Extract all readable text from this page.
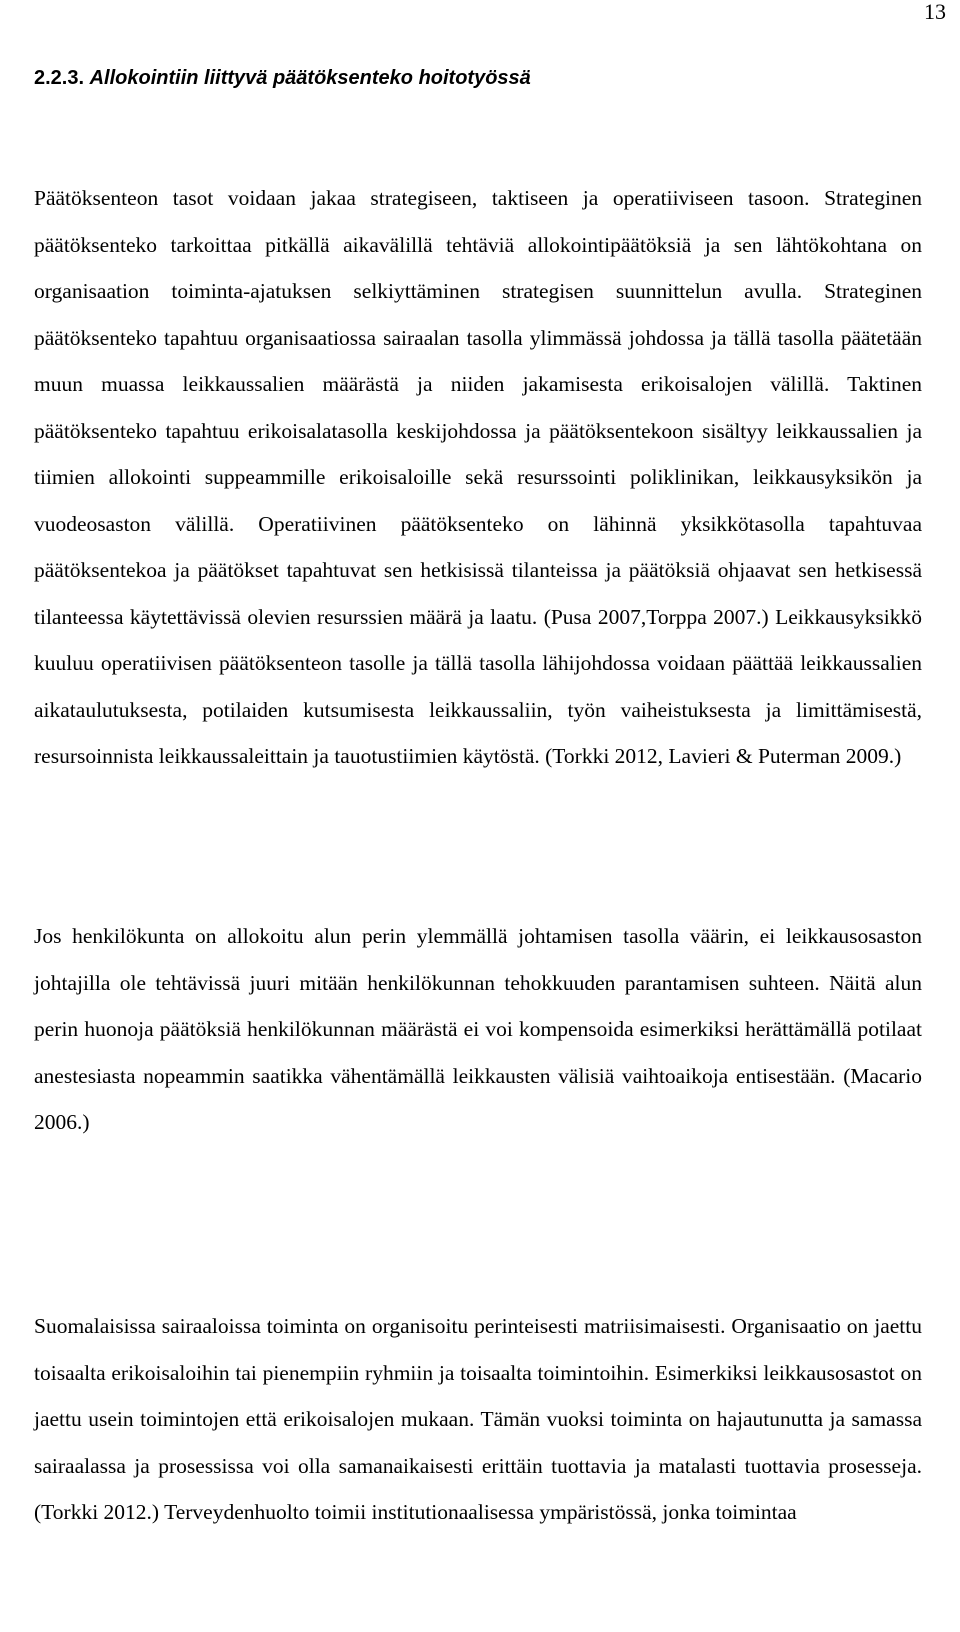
13
2.2.3. Allokointiin liittyvä päätöksenteko hoitotyössä

Päätöksenteon tasot voidaan jakaa strategiseen, taktiseen ja operatiiviseen tasoon. Strateginen päätöksenteko tarkoittaa pitkällä aikavälillä tehtäviä allokointipäätöksiä ja sen lähtökohtana on organisaation toiminta-ajatuksen selkiyttäminen strategisen suunnittelun avulla. Strateginen päätöksenteko tapahtuu organisaatiossa sairaalan tasolla ylimmässä johdossa ja tällä tasolla päätetään muun muassa leikkaussalien määrästä ja niiden jakamisesta erikoisalojen välillä. Taktinen päätöksenteko tapahtuu erikoisalatasolla keskijohdossa ja päätöksentekoon sisältyy leikkaussalien ja tiimien allokointi suppeammille erikoisaloille sekä resurssointi poliklinikan, leikkausyksikön ja vuodeosaston välillä. Operatiivinen päätöksenteko on lähinnä yksikkötasolla tapahtuvaa päätöksentekoa ja päätökset tapahtuvat sen hetkisissä tilanteissa ja päätöksiä ohjaavat sen hetkisessä tilanteessa käytettävissä olevien resurssien määrä ja laatu. (Pusa 2007,Torppa 2007.) Leikkausyksikkö kuuluu operatiivisen päätöksenteon tasolle ja tällä tasolla lähijohdossa voidaan päättää leikkaussalien aikataulutuksesta, potilaiden kutsumisesta leikkaussaliin, työn vaiheistuksesta ja limittämisestä, resursoinnista leikkaussaleittain ja tauotustiimien käytöstä. (Torkki 2012, Lavieri & Puterman 2009.)

Jos henkilökunta on allokoitu alun perin ylemmällä johtamisen tasolla väärin, ei leikkausosaston johtajilla ole tehtävissä juuri mitään henkilökunnan tehokkuuden parantamisen suhteen. Näitä alun perin huonoja päätöksiä henkilökunnan määrästä ei voi kompensoida esimerkiksi herättämällä potilaat anestesiasta nopeammin saatikka vähentämällä leikkausten välisiä vaihtoaikoja entisestään. (Macario 2006.)

Suomalaisissa sairaaloissa toiminta on organisoitu perinteisesti matriisimaisesti. Organisaatio on jaettu toisaalta erikoisaloihin tai pienempiin ryhmiin ja toisaalta toimintoihin. Esimerkiksi leikkausosastot on jaettu usein toimintojen että erikoisalojen mukaan. Tämän vuoksi toiminta on hajautunutta ja samassa sairaalassa ja prosessissa voi olla samanaikaisesti erittäin tuottavia ja matalasti tuottavia prosesseja. (Torkki 2012.) Terveydenhuolto toimii institutionaalisessa ympäristössä, jonka toimintaa
